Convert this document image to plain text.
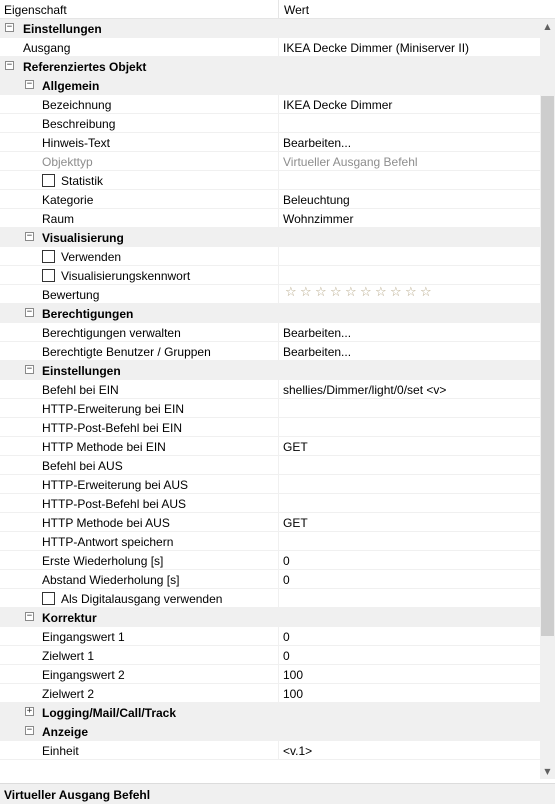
Eigenschaft	Wert
− Einstellungen
Ausgang	IKEA Decke Dimmer (Miniserver II)
− Referenziertes Objekt
− Allgemein
Bezeichnung	IKEA Decke Dimmer
Beschreibung
Hinweis-Text	Bearbeiten...
Objekttyp	Virtueller Ausgang Befehl
Statistik
Kategorie	Beleuchtung
Raum	Wohnzimmer
− Visualisierung
Verwenden
Visualisierungskennwort
Bewertung	☆ ☆ ☆ ☆ ☆ ☆ ☆ ☆ ☆ ☆
− Berechtigungen
Berechtigungen verwalten	Bearbeiten...
Berechtigte Benutzer / Gruppen	Bearbeiten...
− Einstellungen
Befehl bei EIN	shellies/Dimmer/light/0/set <v>
HTTP-Erweiterung bei EIN
HTTP-Post-Befehl bei EIN
HTTP Methode bei EIN	GET
Befehl bei AUS
HTTP-Erweiterung bei AUS
HTTP-Post-Befehl bei AUS
HTTP Methode bei AUS	GET
HTTP-Antwort speichern
Erste Wiederholung [s]	0
Abstand Wiederholung [s]	0
Als Digitalausgang verwenden
− Korrektur
Eingangswert 1	0
Zielwert 1	0
Eingangswert 2	100
Zielwert 2	100
+ Logging/Mail/Call/Track
− Anzeige
Einheit	<v.1>
▲
▼
Virtueller Ausgang Befehl
